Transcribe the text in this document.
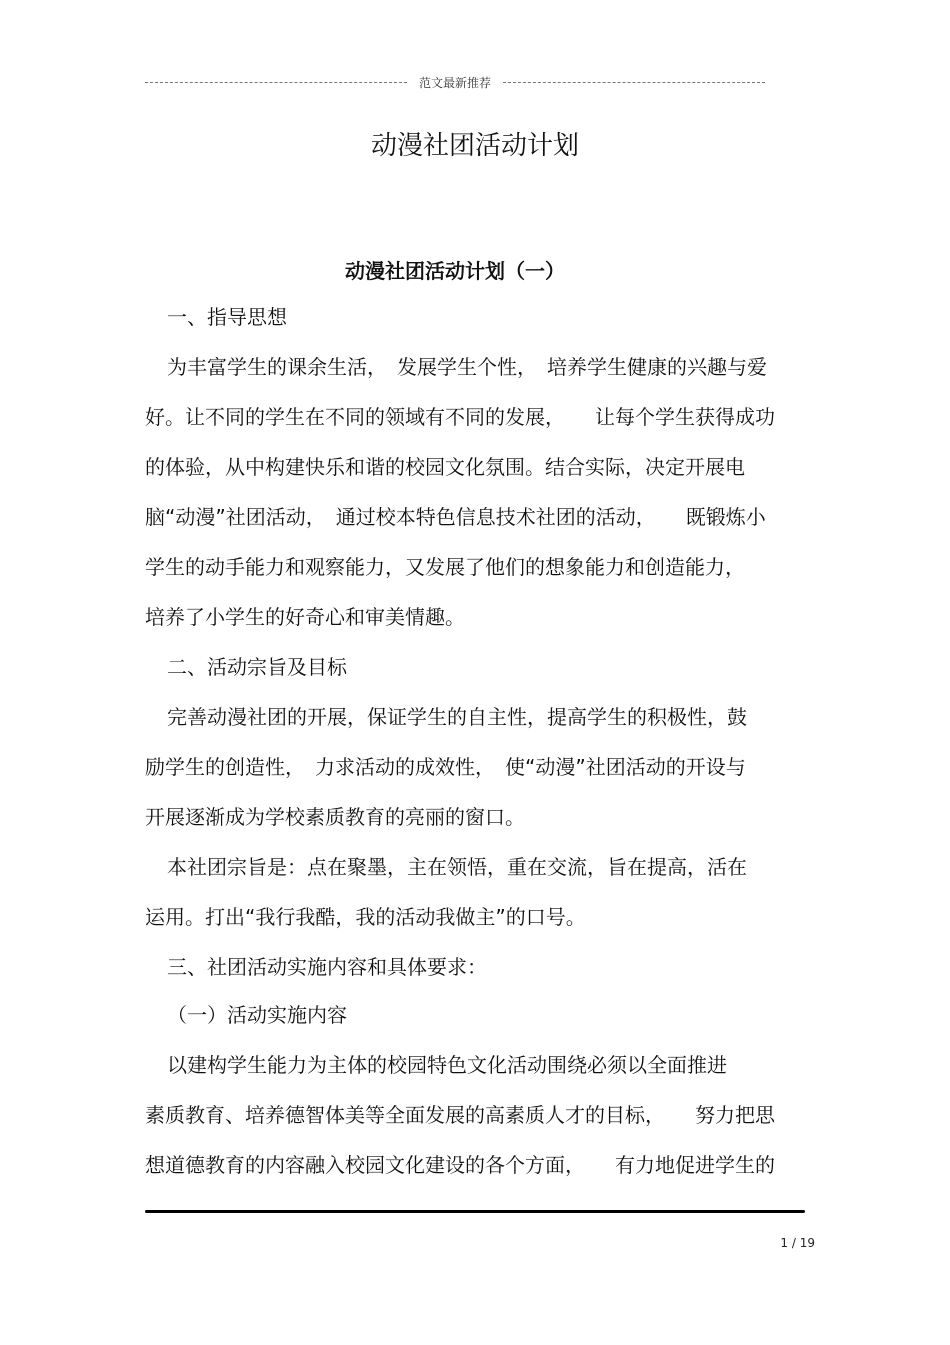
范文最新推荐
动漫社团活动计划
动漫社团活动计划（一）

一、指导思想

为丰富学生的课余生活，　发展学生个性，　培养学生健康的兴趣与爱

好。让不同的学生在不同的领域有不同的发展，　　让每个学生获得成功

的体验，从中构建快乐和谐的校园文化氛围。结合实际，决定开展电

脑“动漫”社团活动，　通过校本特色信息技术社团的活动，　　既锻炼小

学生的动手能力和观察能力，又发展了他们的想象能力和创造能力，

培养了小学生的好奇心和审美情趣。

二、活动宗旨及目标

完善动漫社团的开展，保证学生的自主性，提高学生的积极性，鼓

励学生的创造性，　力求活动的成效性，　使“动漫”社团活动的开设与

开展逐渐成为学校素质教育的亮丽的窗口。

本社团宗旨是：点在聚墨，主在领悟，重在交流，旨在提高，活在

运用。打出“我行我酷，我的活动我做主”的口号。

三、社团活动实施内容和具体要求：

（一）活动实施内容

以建构学生能力为主体的校园特色文化活动围绕必须以全面推进

素质教育、培养德智体美等全面发展的高素质人才的目标，　　努力把思

想道德教育的内容融入校园文化建设的各个方面，　　有力地促进学生的

1 / 19
